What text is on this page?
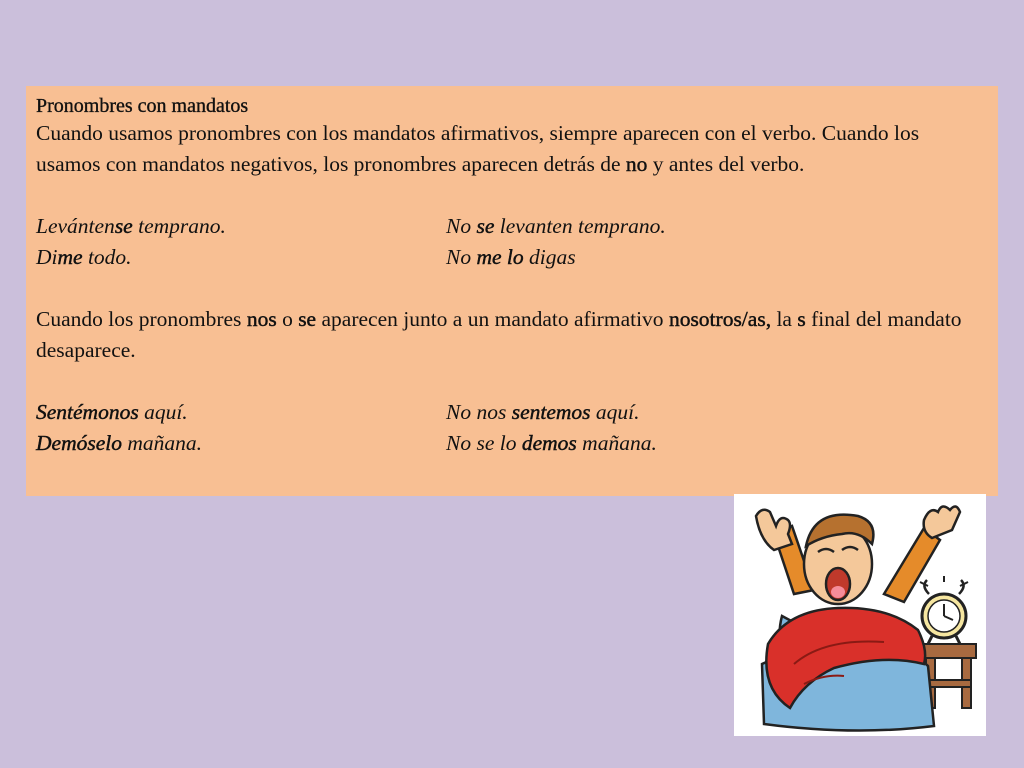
Pronombres con mandatos

Cuando usamos pronombres con los mandatos afirmativos, siempre aparecen con el verbo. Cuando los usamos con mandatos negativos, los pronombres aparecen detrás de no y antes del verbo.

Levántense temprano.	No se levanten temprano.
Dime todo.	No me lo digas

Cuando los pronombres nos o se aparecen junto a un mandato afirmativo nosotros/as, la s final del mandato desaparece.

Sentémonos aquí.	No nos sentemos aquí.
Demóselo mañana.	No se lo demos mañana.
